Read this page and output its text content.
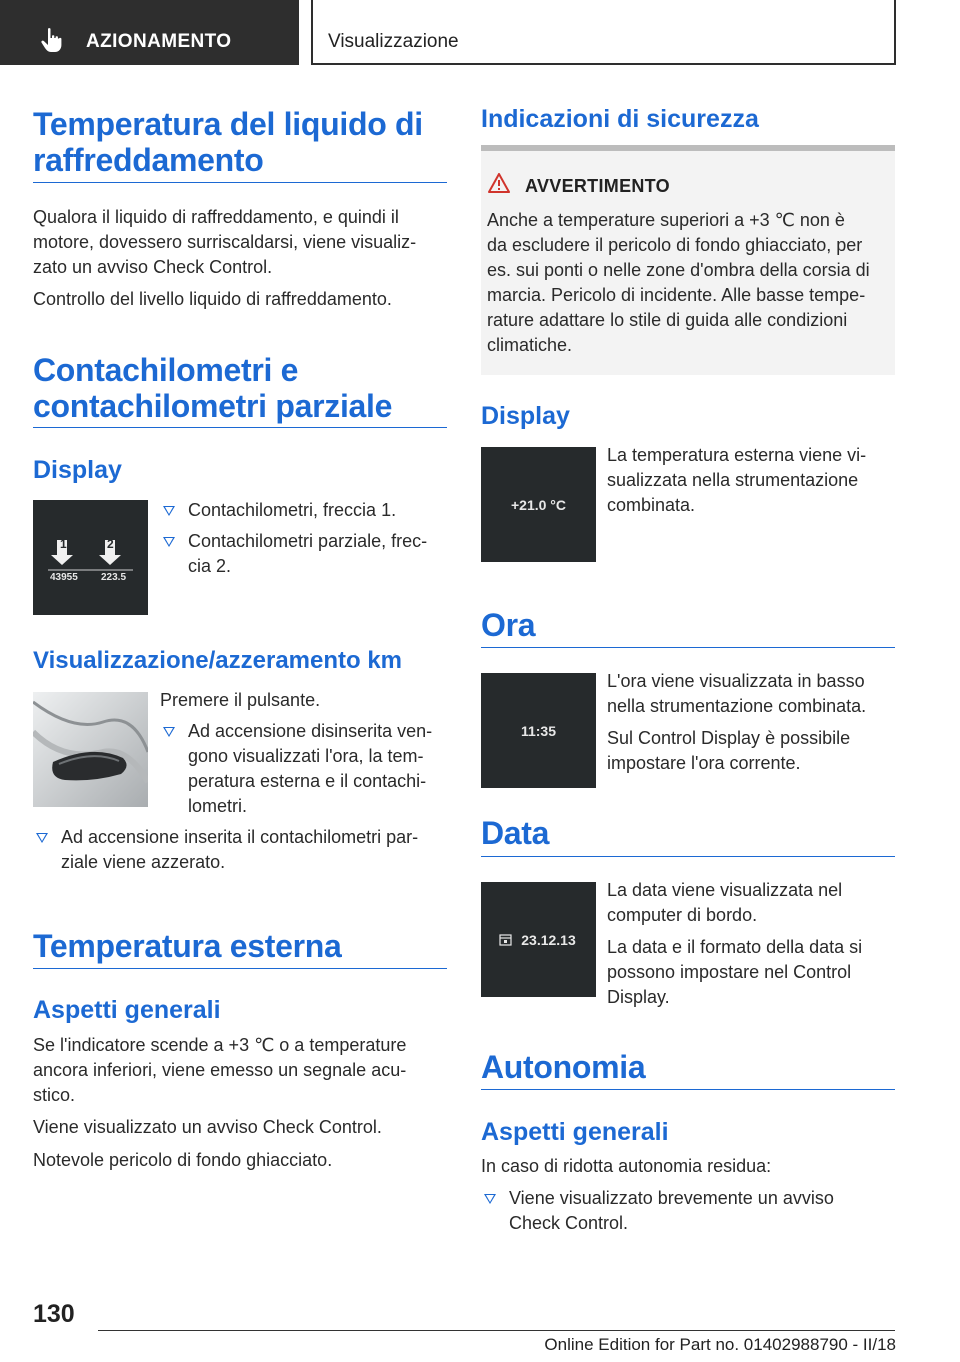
AZIONAMENTO	Visualizzazione
Temperatura del liquido di raffreddamento
Qualora il liquido di raffreddamento, e quindi il
motore, dovessero surriscaldarsi, viene visualiz-
zato un avviso Check Control.
Controllo del livello liquido di raffreddamento.
Contachilometri e
contachilometri parziale
Display
1	2
43955 223.5
Contachilometri, freccia 1.
Contachilometri parziale, frec-
cia 2.
Visualizzazione/azzeramento km
Premere il pulsante.
Ad accensione disinserita ven-
gono visualizzati l'ora, la tem-
peratura esterna e il contachi-
lometri.
Ad accensione inserita il contachilometri par-
ziale viene azzerato.
Temperatura esterna
Aspetti generali
Se l'indicatore scende a +3 ℃ o a temperature
ancora inferiori, viene emesso un segnale acu-
stico.
Viene visualizzato un avviso Check Control.
Notevole pericolo di fondo ghiacciato.
Indicazioni di sicurezza
AVVERTIMENTO
Anche a temperature superiori a +3 ℃ non è
da escludere il pericolo di fondo ghiacciato, per
es. sui ponti o nelle zone d'ombra della corsia di
marcia. Pericolo di incidente. Alle basse tempe-
rature adattare lo stile di guida alle condizioni
climatiche.
Display
+21.0 °C
La temperatura esterna viene vi-
sualizzata nella strumentazione
combinata.
Ora
11:35
L'ora viene visualizzata in basso
nella strumentazione combinata.
Sul Control Display è possibile
impostare l'ora corrente.
Data
23.12.13
La data viene visualizzata nel
computer di bordo.
La data e il formato della data si
possono impostare nel Control
Display.
Autonomia
Aspetti generali
In caso di ridotta autonomia residua:
Viene visualizzato brevemente un avviso
Check Control.
130
Online Edition for Part no. 01402988790 - II/18
